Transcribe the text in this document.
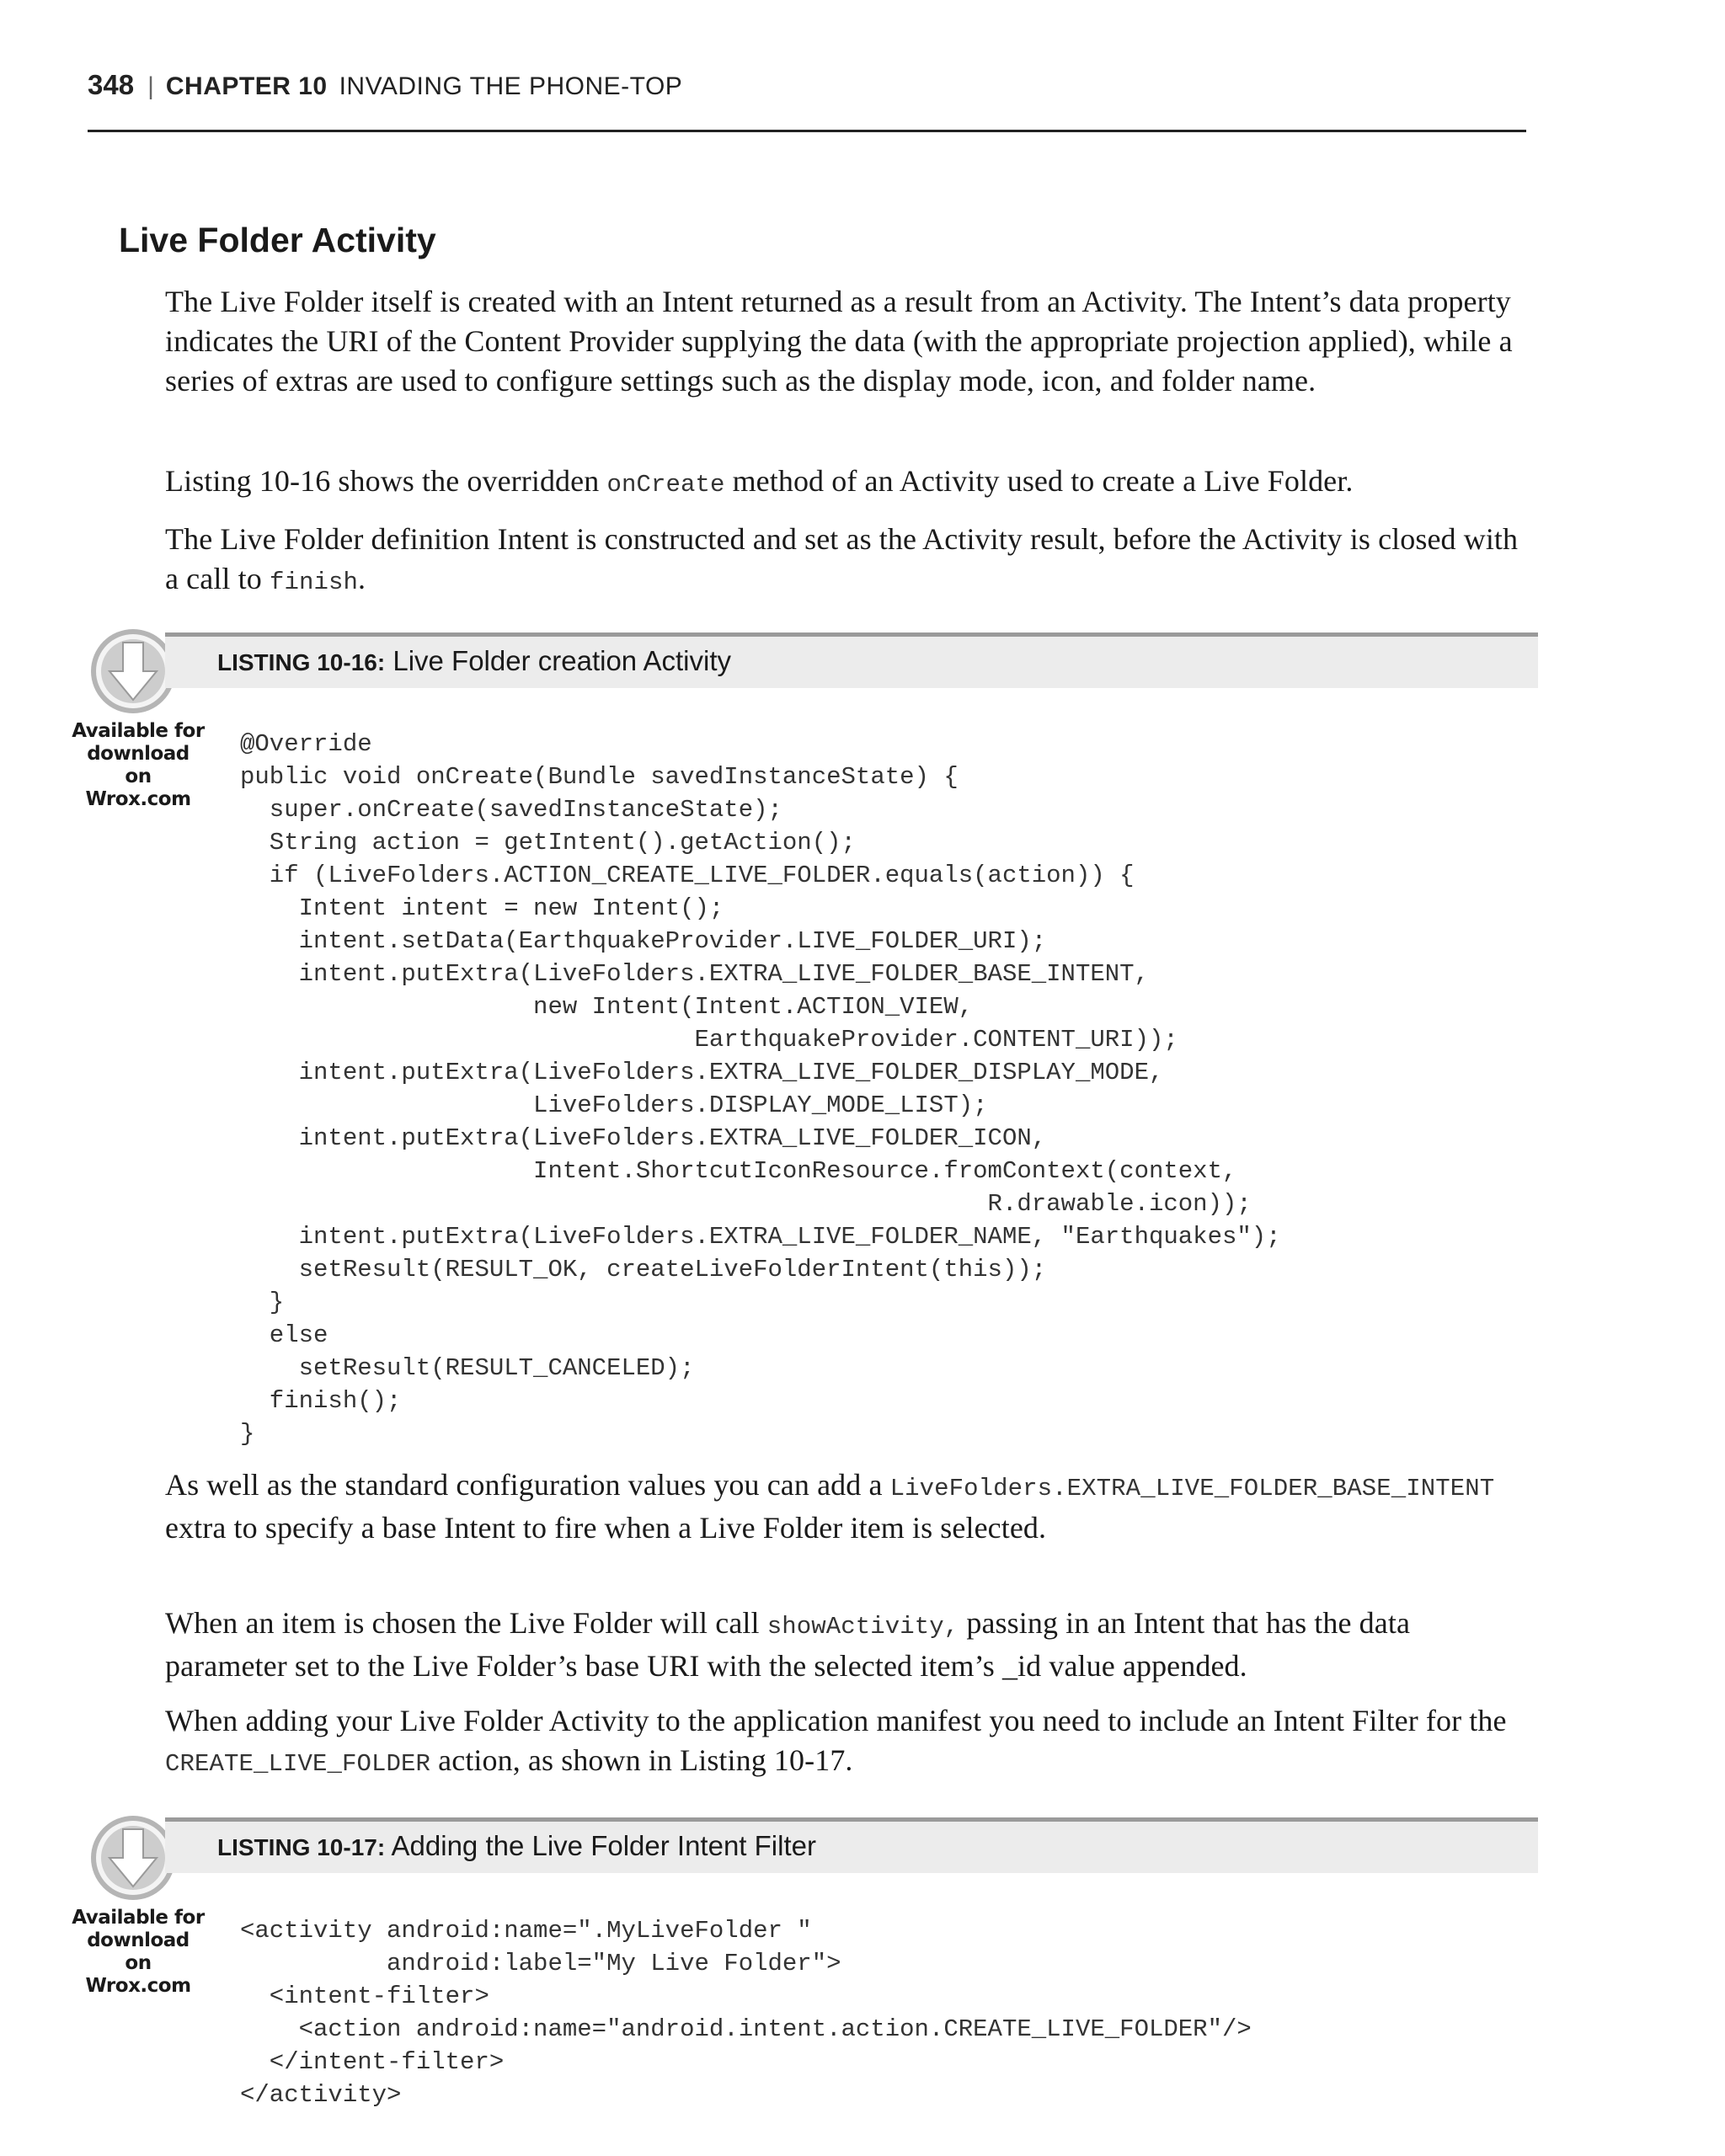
348 | CHAPTER 10 INVADING THE PHONE-TOP
Live Folder Activity

The Live Folder itself is created with an Intent returned as a result from an Activity. The Intent’s data property indicates the URI of the Content Provider supplying the data (with the appropriate projection applied), while a series of extras are used to configure settings such as the display mode, icon, and folder name.

Listing 10-16 shows the overridden onCreate method of an Activity used to create a Live Folder.

The Live Folder definition Intent is constructed and set as the Activity result, before the Activity is closed with a call to finish.

Available for download on Wrox.com
LISTING 10-16: Live Folder creation Activity
@Override
public void onCreate(Bundle savedInstanceState) {
super.onCreate(savedInstanceState);
String action = getIntent().getAction();
if (LiveFolders.ACTION_CREATE_LIVE_FOLDER.equals(action)) {
Intent intent = new Intent();
intent.setData(EarthquakeProvider.LIVE_FOLDER_URI);
intent.putExtra(LiveFolders.EXTRA_LIVE_FOLDER_BASE_INTENT,
new Intent(Intent.ACTION_VIEW,
EarthquakeProvider.CONTENT_URI));
intent.putExtra(LiveFolders.EXTRA_LIVE_FOLDER_DISPLAY_MODE,
LiveFolders.DISPLAY_MODE_LIST);
intent.putExtra(LiveFolders.EXTRA_LIVE_FOLDER_ICON,
Intent.ShortcutIconResource.fromContext(context,
R.drawable.icon));
intent.putExtra(LiveFolders.EXTRA_LIVE_FOLDER_NAME, "Earthquakes");
setResult(RESULT_OK, createLiveFolderIntent(this));
}
else
setResult(RESULT_CANCELED);
finish();
}

As well as the standard configuration values you can add a LiveFolders.EXTRA_LIVE_FOLDER_BASE_INTENT extra to specify a base Intent to fire when a Live Folder item is selected.

When an item is chosen the Live Folder will call showActivity, passing in an Intent that has the data parameter set to the Live Folder’s base URI with the selected item’s _id value appended.

When adding your Live Folder Activity to the application manifest you need to include an Intent Filter for the CREATE_LIVE_FOLDER action, as shown in Listing 10-17.

Available for download on Wrox.com
LISTING 10-17: Adding the Live Folder Intent Filter
<activity android:name=".MyLiveFolder "
android:label="My Live Folder">
<intent-filter>
<action android:name="android.intent.action.CREATE_LIVE_FOLDER"/>
</intent-filter>
</activity>
